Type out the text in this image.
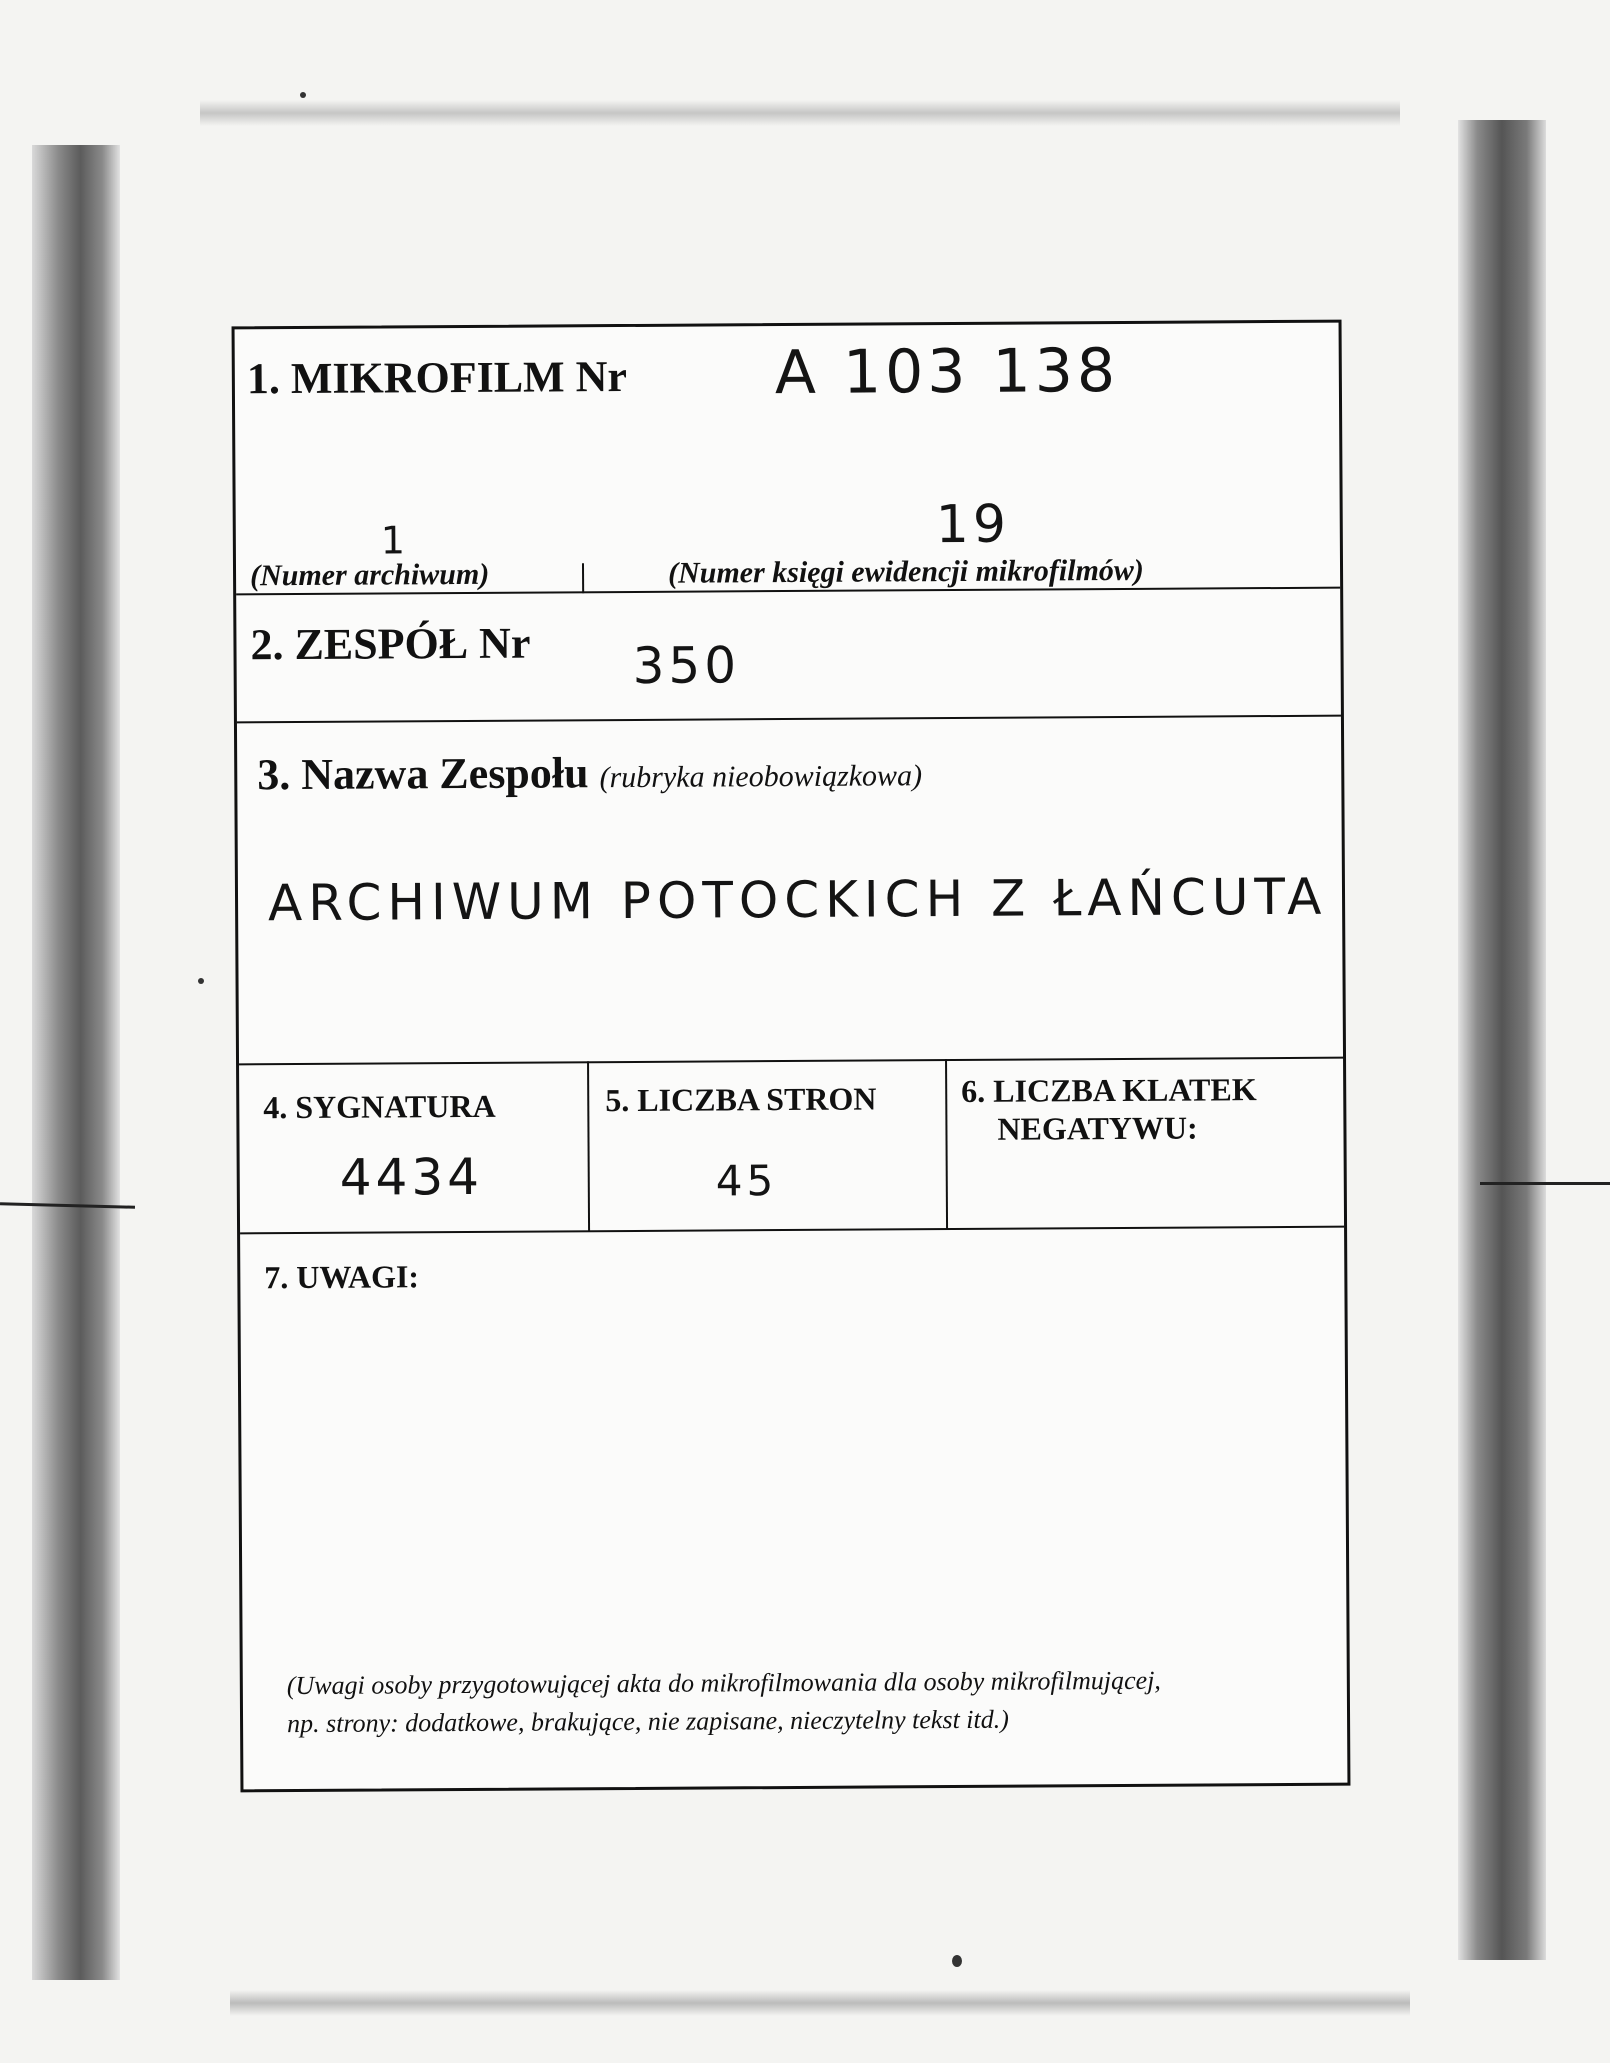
1. MIKROFILM Nr A 103 138
1	19
(Numer archiwum)	(Numer księgi ewidencji mikrofilmów)
2. ZESPÓŁ Nr 350
3. Nazwa Zespołu (rubryka nieobowiązkowa)
ARCHIWUM POTOCKICH Z ŁAŃCUTA
4. SYGNATURA
4434
5. LICZBA STRON
45
6. LICZBA KLATEK
NEGATYWU:
7. UWAGI:
(Uwagi osoby przygotowującej akta do mikrofilmowania dla osoby mikrofilmującej,
np. strony: dodatkowe, brakujące, nie zapisane, nieczytelny tekst itd.)
